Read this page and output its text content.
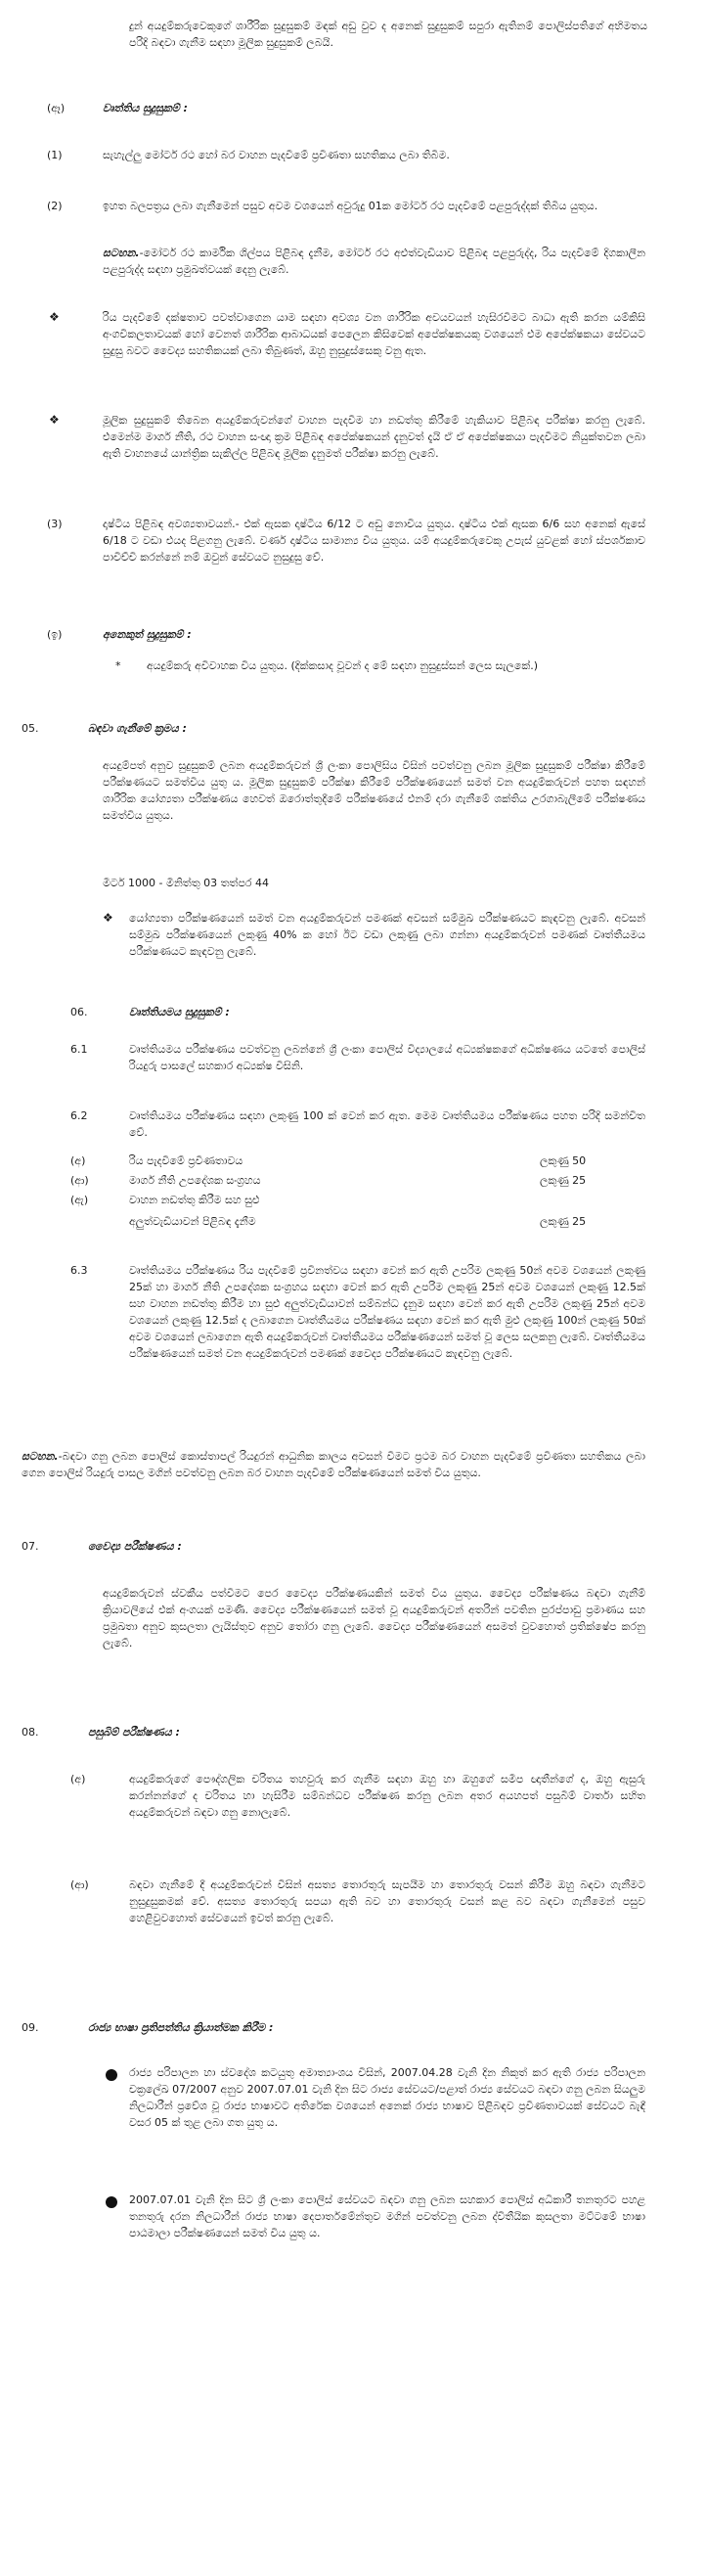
දුන් අයදුම්කරුවෙකුගේ ශාරීරික සුදුසුකම් මඳක් අඩු වුව ද අනෙක් සුදුසුකම් සපුරා ඇතිනම් පොලිස්පතිගේ අභිමතය පරිදි බඳවා ගැනීම සඳහා මූලික සුදුසුකම් ලබයි.
(ඈ)	වෘත්තිය සුදුසුකම් :
(1)	සැහැල්ලු මෝටර් රථ හෝ බර වාහන පැදවීමේ ප්‍රවීණතා සහතිකය ලබා තිබීම.
(2)	ඉහත බලපත්‍රය ලබා ගැනීමෙන් පසුව අවම වශයෙන් අවුරුදු 01ක මෝටර් රථ පැදවීමේ පළපුරුද්දක් තිබිය යුතුය.
සටහන.-මෝටර් රථ කාර්මික ශිල්පය පිළිබඳ දැනීම, මෝටර් රථ අළුත්වැඩියාව පිළිබඳ පළපුරුද්ද, රිය පැදවීමේ දිගකාලීන පළපුරුද්ද සඳහා ප්‍රමුඛත්වයක් දෙනු ලැබේ.
❖	රිය පැදවීමේ දක්ෂතාව පවත්වාගෙන යාම සඳහා අවශ්‍ය වන ශාරීරික අවයවයන් හැසිරවීමට බාධා ඇති කරන යම්කිසි අංගවිකලතාවයක් හෝ වෙනත් ශාරීරික ආබාධයක් පෙලෙන කිසිවෙක් අපේක්ෂකයකු වශයෙන් එම අපේක්ෂකයා සේවයට සුදුසු බවට වෛද්‍ය සහතිකයක් ලබා තිබුණත්, ඔහු නුසුදුස්සෙකු වනු ඇත.
❖	මූලික සුදුසුකම් තිබෙන අයදුම්කරුවන්ගේ වාහන පැදවීම හා නඩත්තු කිරීමේ හැකියාව පිළිබඳ පරීක්ෂා කරනු ලැබේ. එමෙන්ම මාර්ග නීති, රථ වාහන සංඥා ක්‍රම පිළිබඳ අපේක්ෂකයන් දැනුවත් දැයි ඒ ඒ අපේක්ෂකයා පැදවීමට නියුක්තවන ලබා ඇති වාහනයේ යාන්ත්‍රික සැකිල්ල පිළිබඳ මූලික දැනුමත් පරීක්ෂා කරනු ලැබේ.
(3)	දෘෂ්ටිය පිළිබඳ අවශ්‍යතාවයන්.- එක් ඇසක දෘෂ්ටිය 6/12 ට අඩු නොවිය යුතුය. දෘෂ්ටිය එක් ඇසක 6/6 සහ අනෙක් ඇසේ 6/18 ට වඩා එයද පිළගනු ලැබේ. වර්ණ දෘෂ්ටිය සාමාන්‍ය විය යුතුය. යම් අයදුම්කරුවෙකු උපැස් යුවළක් හෝ ස්පර්ශකාච පාවිච්චි කරන්නේ නම් ඔවුන් සේවයට නුසුදුසු වේ.
(ඉ)	අනෙකුත් සුදුසුකම් :
* අයදුම්කරු අවිවාහක විය යුතුය. (දික්කසාද වූවන් ද මේ සඳහා නුසුදුස්සන් ලෙස සැලකේ.)
05.	බඳවා ගැනීමේ ක්‍රමය :
අයදුම්පත් අනුව සුදුසුකම් ලබන අයදුම්කරුවන් ශ්‍රී ලංකා පොලිසිය විසින් පවත්වනු ලබන මූලික සුදුසුකම් පරීක්ෂා කිරීමේ පරීක්ෂණයට සමත්විය යුතු ය. මූලික සුදුසුකම් පරීක්ෂා කිරීමේ පරීක්ෂණයෙන් සමත් වන අයදුම්කරුවන් පහත සඳහන් ශාරීරික යෝග්‍යතා පරීක්ෂණය හෙවත් ඔරොත්තුදීමේ පරීක්ෂණයේ එනම් දරා ගැනීමේ ශක්තිය උරගාබැලීමේ පරීක්ෂණය සමත්විය යුතුය.
මීටර් 1000 - මිනිත්තු 03 තත්පර 44
❖ යෝග්‍යතා පරීක්ෂණයෙන් සමත් වන අයදුම්කරුවන් පමණක් අවසන් සම්මුඛ පරීක්ෂණයට කැඳවනු ලැබේ. අවසන් සම්මුඛ පරීක්ෂණයෙන් ලකුණු 40% ක හෝ ඊට වඩා ලකුණු ලබා ගන්නා අයදුම්කරුවන් පමණක් වෘත්තීයමය පරීක්ෂණයට කැඳවනු ලැබේ.
06.	වෘත්තියමය සුදුසුකම් :
6.1	වෘත්තියමය පරීක්ෂණය පවත්වනු ලබන්නේ ශ්‍රී ලංකා පොලිස් විද්‍යාලයේ අධ්‍යක්ෂකගේ අධීක්ෂණය යටතේ පොලිස් රියදුරු පාසලේ සහකාර අධ්‍යක්ෂ විසිනි.
6.2	වෘත්තියමය පරීක්ෂණය සඳහා ලකුණු 100 ක් වෙන් කර ඇත. මෙම වෘත්තියමය පරීක්ෂණය පහත පරිදි සමන්විත වේ.
(අ)	රිය පැදවීමේ ප්‍රවීණතාවය	ලකුණු 50
(ආ)	මාර්ග නීති උපදේශක සංග්‍රහය	ලකුණු 25
(ඇ)	වාහන නඩත්තු කිරීම සහ සුළු
අලුත්වැඩියාවන් පිළිබඳ දැනීම	ලකුණු 25
6.3	වෘත්තියමය පරීක්ෂණය රිය පැදවීමේ ප්‍රවීනත්වය සඳහා වෙන් කර ඇති උපරිම ලකුණු 50න් අවම වශයෙන් ලකුණු 25ක් හා මාර්ග නීති උපදේශක සංග්‍රහය සඳහා වෙන් කර ඇති උපරිම ලකුණු 25න් අවම වශයෙන් ලකුණු 12.5ක් සහ වාහන නඩත්තු කිරීම හා සුළු අලුත්වැඩියාවන් සම්බන්ධ දැනුම සඳහා වෙන් කර ඇති උපරිම ලකුණු 25න් අවම වශයෙන් ලකුණු 12.5ක් ද ලබාගෙන වෘත්තීයමය පරීක්ෂණය සඳහා වෙන් කර ඇති මුළු ලකුණු 100න් ලකුණු 50ක් අවම වශයෙන් ලබාගෙන ඇති අයදුම්කරුවන් වෘත්තීයමය පරීක්ෂණයෙන් සමත් වූ ලෙස සලකනු ලැබේ. වෘත්තීයමය පරීක්ෂණයෙන් සමත් වන අයදුම්කරුවන් පමණක් වෛද්‍ය පරීක්ෂණයට කැඳවනු ලැබේ.
සටහන.-බඳවා ගනු ලබන පොලිස් කොස්තාපල් රියදුරන් ආධුනික කාලය අවසන් වීමට ප්‍රථම බර වාහන පැදවීමේ ප්‍රවීණතා සහතිකය ලබා ගෙන පොලිස් රියදුරු පාසල මගින් පවත්වනු ලබන බර වාහන පැදවීමේ පරීක්ෂණයෙන් සමත් විය යුතුය.
07.	වෛද්‍ය පරීක්ෂණය :
අයදුම්කරුවන් ස්වකීය පත්වීමට පෙර වෛද්‍ය පරීක්ෂණයකින් සමත් විය යුතුය. වෛද්‍ය පරීක්ෂණය බඳවා ගැනීම් ක්‍රියාවලියේ එක් අංගයක් පමණි. වෛද්‍ය පරීක්ෂණයෙන් සමත් වූ අයදුම්කරුවන් අතරින් පවතින පුරප්පාඩු ප්‍රමාණය සහ ප්‍රමුඛතා අනුව කුසලතා ලැයිස්තුව අනුව තෝරා ගනු ලැබේ. වෛද්‍ය පරීක්ෂණයෙන් අසමත් වුවහොත් ප්‍රතික්ෂේප කරනු ලැබේ.
08.	පසුබිම් පරීක්ෂණය :
(අ)	අයදුම්කරුගේ පෞද්ගලික චරිතය තහවුරු කර ගැනීම සඳහා ඔහු හා ඔහුගේ සමීප ඥාතීන්ගේ ද, ඔහු ඇසුරු කරන්නන්ගේ ද චරිතය හා හැසිරීම සම්බන්ධව පරීක්ෂණ කරනු ලබන අතර අයහපත් පසුබිම් වාර්තා සහිත අයදුම්කරුවන් බඳවා ගනු නොලැබේ.
(ආ)	බඳවා ගැනීමේ දී අයදුම්කරුවන් විසින් අසත්‍ය තොරතුරු සැපයීම හා තොරතුරු වසන් කිරීම ඔහු බඳවා ගැනීමට නුසුදුසුකමක් වේ. අසත්‍ය තොරතුරු සපයා ඇති බව හා තොරතුරු වසන් කළ බව බඳවා ගැනීමෙන් පසුව හෙළිවුවහොත් සේවයෙන් ඉවත් කරනු ලැබේ.
09.	රාජ්‍ය භාෂා ප්‍රතිපත්තිය ක්‍රියාත්මක කිරීම :
රාජ්‍ය පරිපාලන හා ස්වදේශ කටයුතු අමාත්‍යාංශය විසින්, 2007.04.28 වැනි දින නිකුත් කර ඇති රාජ්‍ය පරිපාලන චක්‍රලේඛ 07/2007 අනුව 2007.07.01 වැනි දින සිට රාජ්‍ය සේවයට/පළාත් රාජ්‍ය සේවයට බඳවා ගනු ලබන සියලුම නිලධාරීන් ප්‍රවේශ වූ රාජ්‍ය භාෂාවට අතිරේක වශයෙන් අනෙක් රාජ්‍ය භාෂාව පිළිබඳව ප්‍රවීණතාවයක් සේවයට බැඳී වසර 05 ක් තුළ ලබා ගත යුතු ය.
2007.07.01 වැනි දින සිට ශ්‍රී ලංකා පොලිස් සේවයට බඳවා ගනු ලබන සහකාර පොලිස් අධිකාරී තනතුරට පහළ තනතුරු දරන නිලධාරීන් රාජ්‍ය භාෂා දෙපාර්තමේන්තුව මගින් පවත්වනු ලබන ද්විතීයික කුසලතා මට්ටමේ භාෂා පාඨමාලා පරීක්ෂණයෙන් සමත් විය යුතු ය.
